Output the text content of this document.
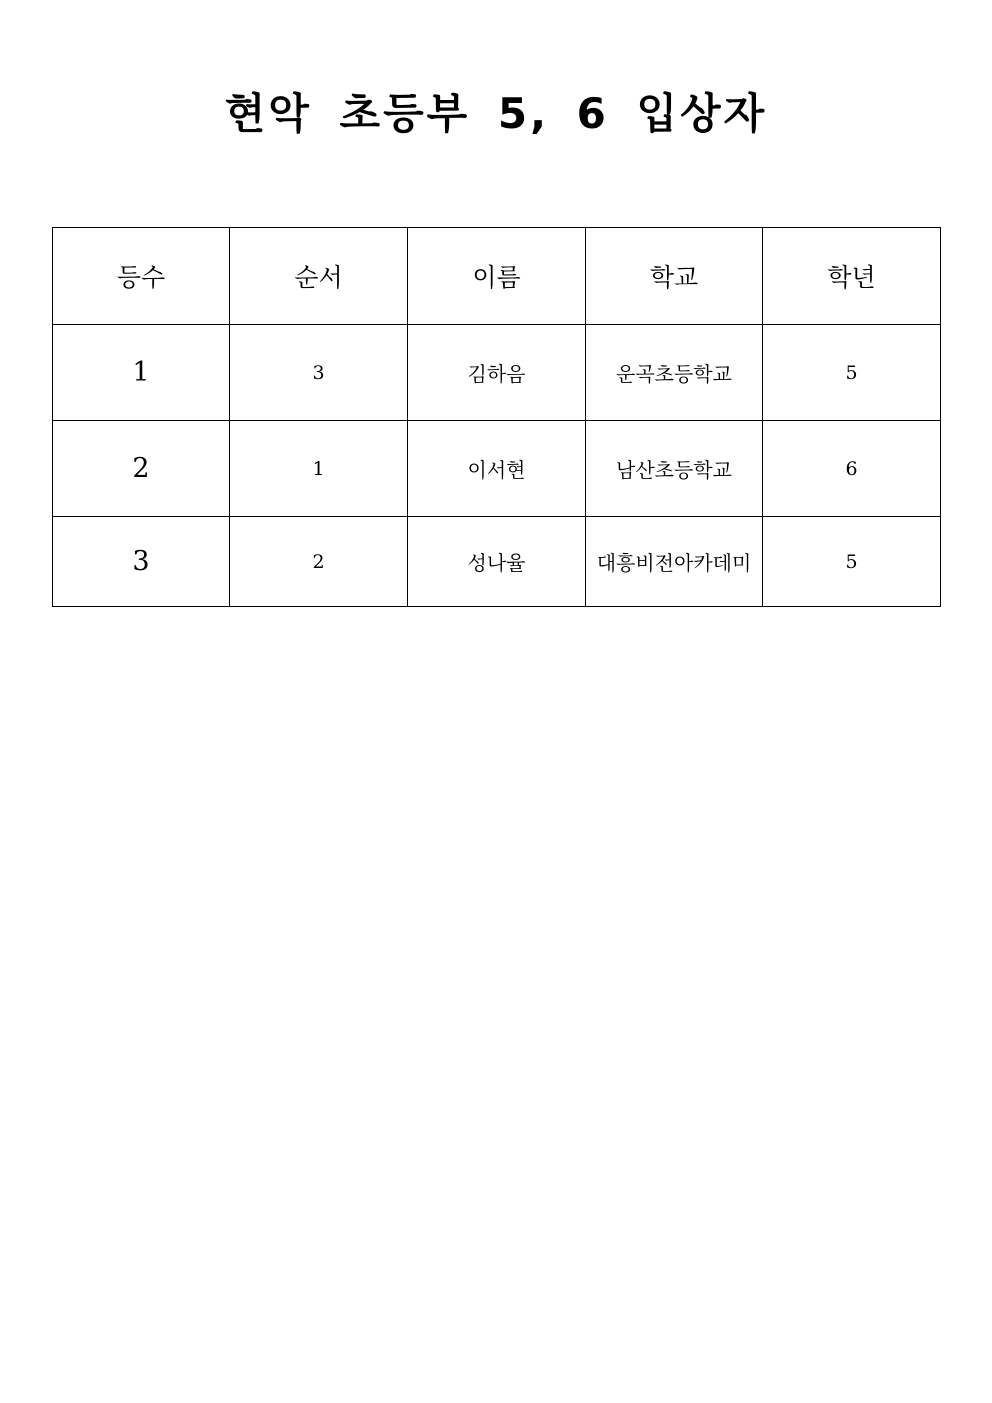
현악 초등부 5, 6 입상자
등수	순서	이름	학교	학년
1	3	김하음	운곡초등학교	5
2	1	이서현	남산초등학교	6
3	2	성나율	대흥비전아카데미	5
